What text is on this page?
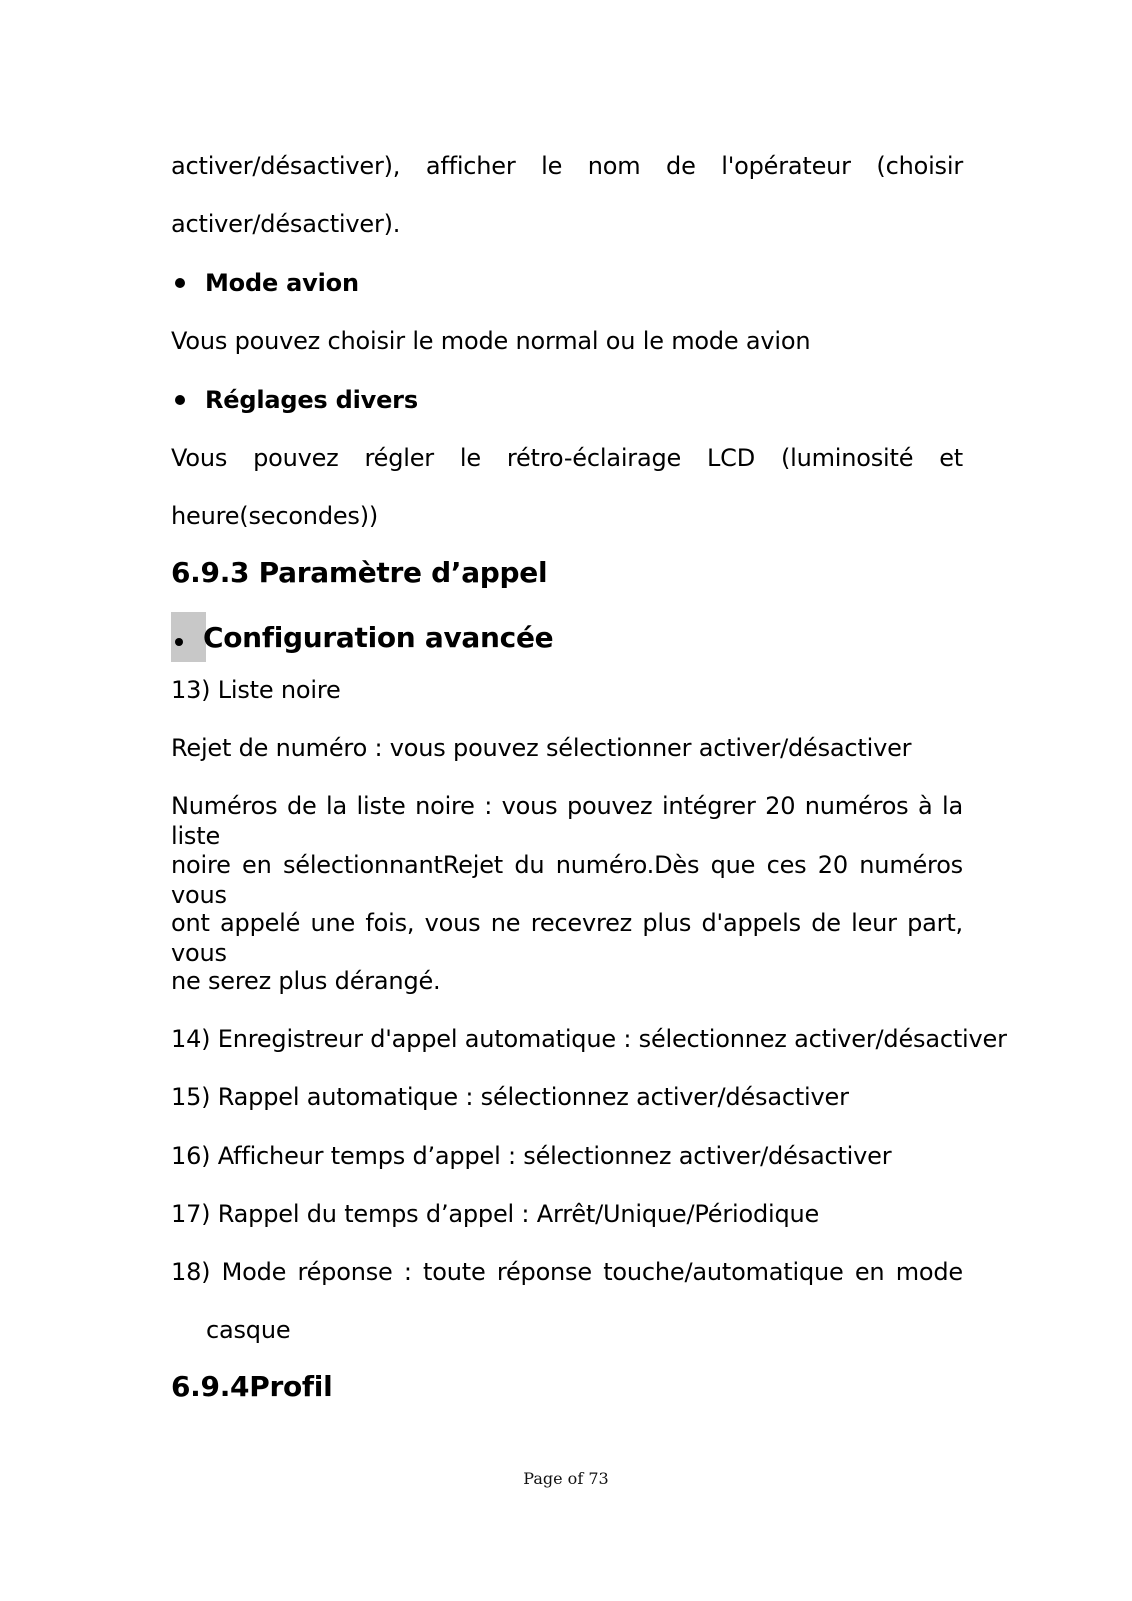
activer/désactiver), afficher le nom de l'opérateur (choisir
activer/désactiver).
Mode avion
Vous pouvez choisir le mode normal ou le mode avion
Réglages divers
Vous pouvez régler le rétro-éclairage LCD (luminosité et
heure(secondes))
6.9.3 Paramètre d’appel
Configuration avancée
13) Liste noire
Rejet de numéro : vous pouvez sélectionner activer/désactiver
Numéros de la liste noire : vous pouvez intégrer 20 numéros à la liste
noire en sélectionnantRejet du numéro.Dès que ces 20 numéros vous
ont appelé une fois, vous ne recevrez plus d'appels de leur part, vous
ne serez plus dérangé.
14) Enregistreur d'appel automatique : sélectionnez activer/désactiver
15) Rappel automatique : sélectionnez activer/désactiver
16) Afficheur temps d’appel : sélectionnez activer/désactiver
17) Rappel du temps d’appel : Arrêt/Unique/Périodique
18) Mode réponse : toute réponse touche/automatique en mode
casque
6.9.4Profil
Page of 73
